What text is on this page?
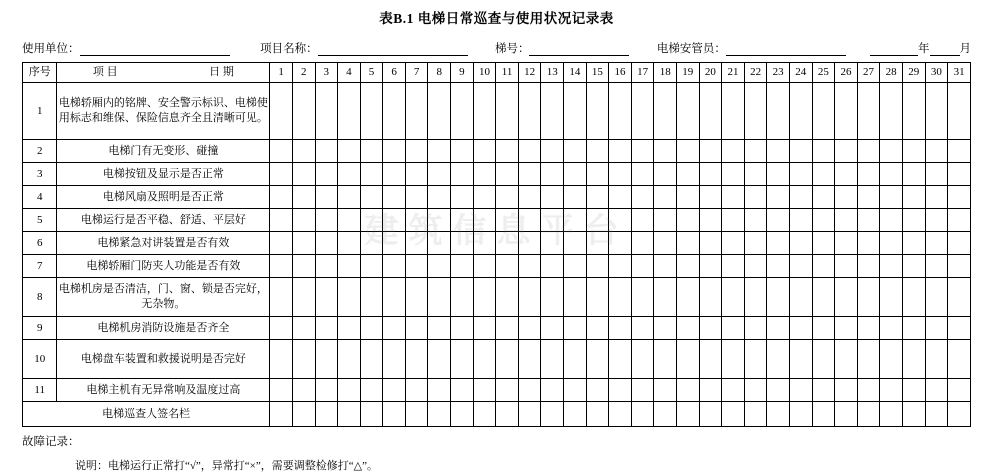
建筑信息平台
表B.1 电梯日常巡查与使用状况记录表
使用单位：	项目名称：	梯号：	电梯安管员：	年	月
序号	项 目 日 期	1	2	3	4	5	6	7	8	9	10	11	12	13	14	15	16	17	18	19	20	21	22	23	24	25	26	27	28	29	30	31
1	电梯轿厢内的铭牌、安全警示标识、电梯使用标志和维保、保险信息齐全且清晰可见。																															
2	电梯门有无变形、碰撞																															
3	电梯按钮及显示是否正常																															
4	电梯风扇及照明是否正常																															
5	电梯运行是否平稳、舒适、平层好																															
6	电梯紧急对讲装置是否有效																															
7	电梯轿厢门防夹人功能是否有效																															
8	电梯机房是否清洁，门、窗、锁是否完好，无杂物。																															
9	电梯机房消防设施是否齐全																															
10	电梯盘车装置和救援说明是否完好																															
11	电梯主机有无异常响及温度过高																															
电梯巡查人签名栏																																
故障记录：
说明：电梯运行正常打“√”，异常打“×”，需要调整检修打“△”。
